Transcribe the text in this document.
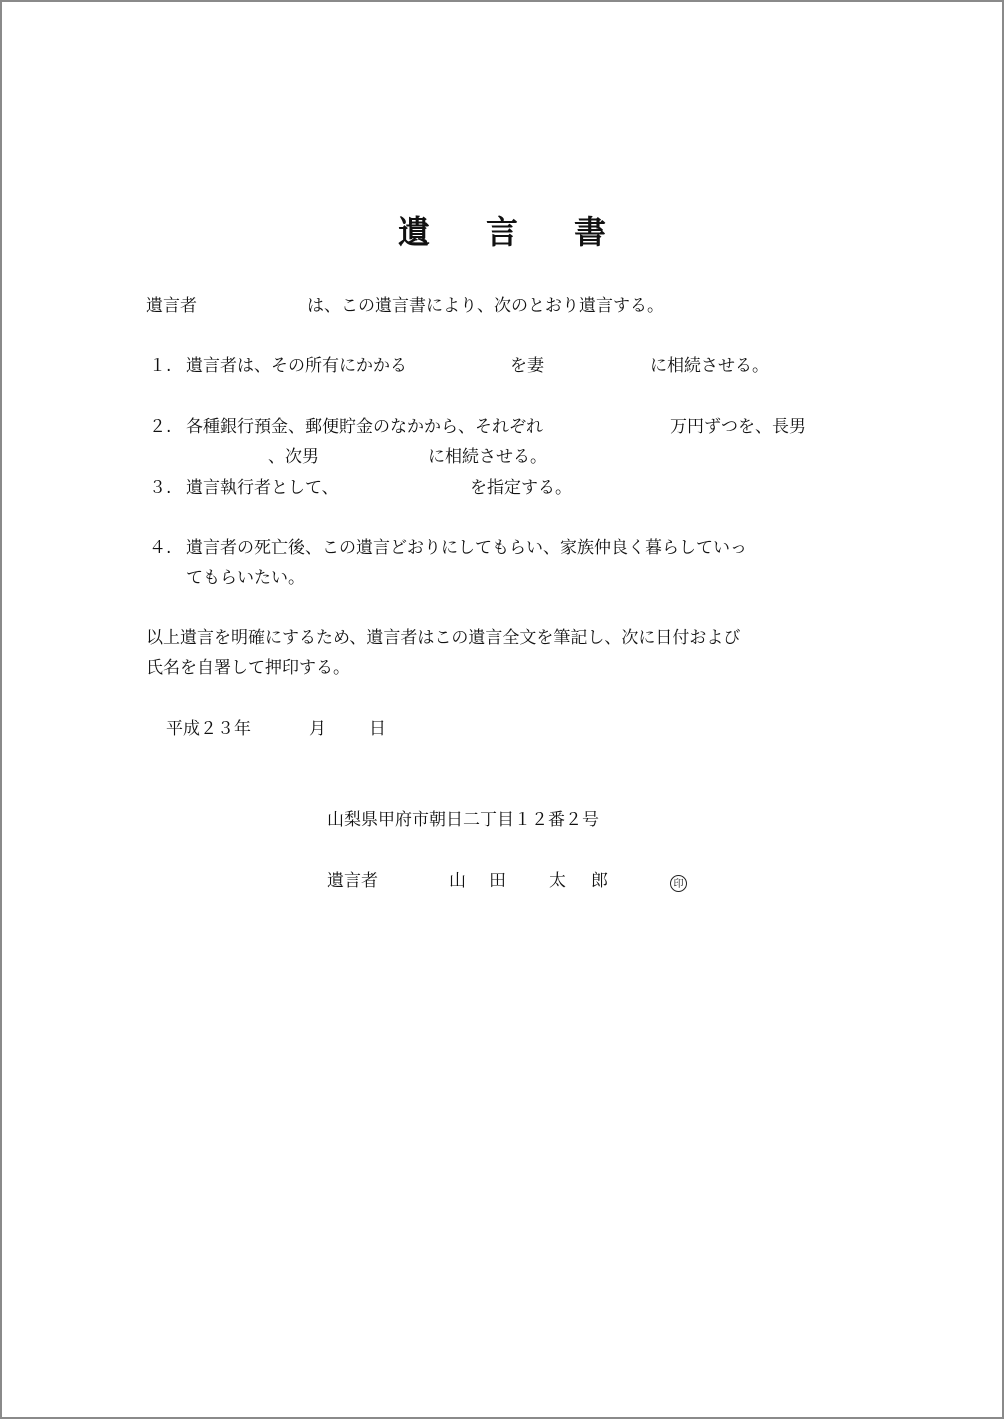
遺 言 書
遺言者	は、この遺言書により、次のとおり遺言する。
１. 遺言者は、その所有にかかる	を妻	に相続させる。
２. 各種銀行預金、郵便貯金のなかから、それぞれ	万円ずつを、長男
、次男	に相続させる。
３. 遺言執行者として、	を指定する。
４. 遺言者の死亡後、この遺言どおりにしてもらい、家族仲良く暮らしていっ
てもらいたい。
以上遺言を明確にするため、遺言者はこの遺言全文を筆記し、次に日付および
氏名を自署して押印する。
平成２３年	月	日
山梨県甲府市朝日二丁目１２番２号
遺言者	山 田	太 郎	印
